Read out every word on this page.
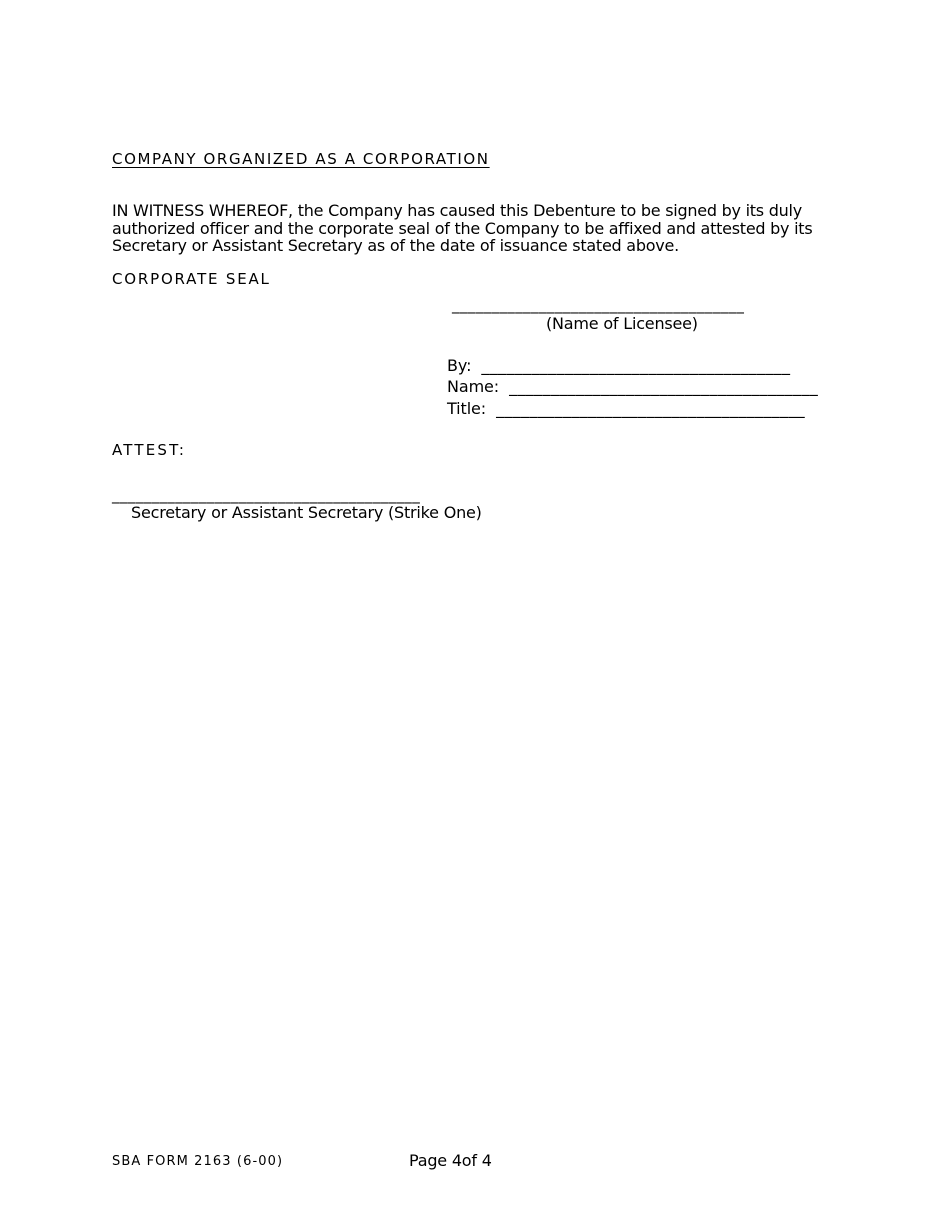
COMPANY ORGANIZED AS A CORPORATION
IN WITNESS WHEREOF, the Company has caused this Debenture to be signed by its duly
authorized officer and the corporate seal of the Company to be affixed and attested by its
Secretary or Assistant Secretary as of the date of issuance stated above.
CORPORATE SEAL
_____________________________________
(Name of Licensee)
By: _____________________________________
Name: _____________________________________
Title: _____________________________________
ATTEST:
_______________________________________
Secretary or Assistant Secretary (Strike One)
SBA FORM 2163 (6-00)	Page 4of 4
